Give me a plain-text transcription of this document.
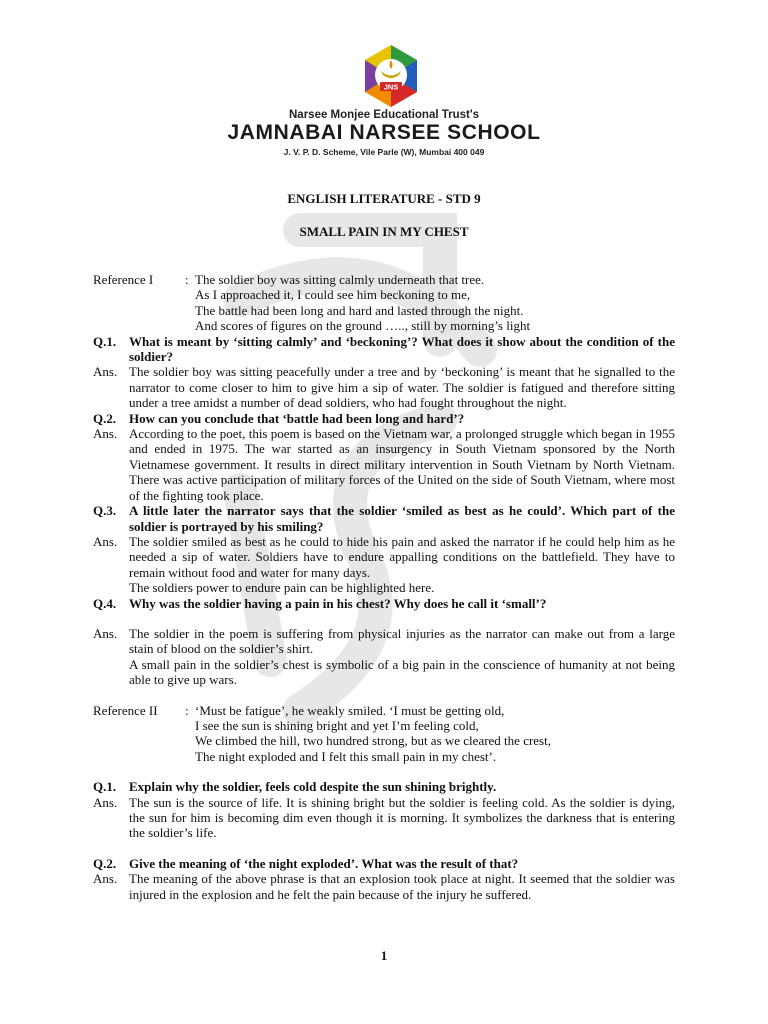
JNS
Narsee Monjee Educational Trust's
JAMNABAI NARSEE SCHOOL
J. V. P. D. Scheme, Vile Parle (W), Mumbai 400 049
ENGLISH LITERATURE - STD 9
SMALL PAIN IN MY CHEST
Reference I	: The soldier boy was sitting calmly underneath that tree.
As I approached it, I could see him beckoning to me,
The battle had been long and hard and lasted through the night.
And scores of figures on the ground ….., still by morning’s light
Q.1. What is meant by ‘sitting calmly’ and ‘beckoning’? What does it show about the condition of the soldier?
Ans. The soldier boy was sitting peacefully under a tree and by ‘beckoning’ is meant that he signalled to the narrator to come closer to him to give him a sip of water. The soldier is fatigued and therefore sitting under a tree amidst a number of dead soldiers, who had fought throughout the night.
Q.2. How can you conclude that ‘battle had been long and hard’?
Ans. According to the poet, this poem is based on the Vietnam war, a prolonged struggle which began in 1955 and ended in 1975. The war started as an insurgency in South Vietnam sponsored by the North Vietnamese government. It results in direct military intervention in South Vietnam by North Vietnam. There was active participation of military forces of the United on the side of South Vietnam, where most of the fighting took place.
Q.3. A little later the narrator says that the soldier ‘smiled as best as he could’. Which part of the soldier is portrayed by his smiling?
Ans. The soldier smiled as best as he could to hide his pain and asked the narrator if he could help him as he needed a sip of water. Soldiers have to endure appalling conditions on the battlefield. They have to remain without food and water for many days.
The soldiers power to endure pain can be highlighted here.
Q.4. Why was the soldier having a pain in his chest? Why does he call it ‘small’?
Ans. The soldier in the poem is suffering from physical injuries as the narrator can make out from a large stain of blood on the soldier’s shirt.
A small pain in the soldier’s chest is symbolic of a big pain in the conscience of humanity at not being able to give up wars.
Reference II	: ‘Must be fatigue’, he weakly smiled. ‘I must be getting old,
I see the sun is shining bright and yet I’m feeling cold,
We climbed the hill, two hundred strong, but as we cleared the crest,
The night exploded and I felt this small pain in my chest’.
Q.1. Explain why the soldier, feels cold despite the sun shining brightly.
Ans. The sun is the source of life. It is shining bright but the soldier is feeling cold. As the soldier is dying, the sun for him is becoming dim even though it is morning. It symbolizes the darkness that is entering the soldier’s life.
Q.2. Give the meaning of ‘the night exploded’. What was the result of that?
Ans. The meaning of the above phrase is that an explosion took place at night. It seemed that the soldier was injured in the explosion and he felt the pain because of the injury he suffered.
1
